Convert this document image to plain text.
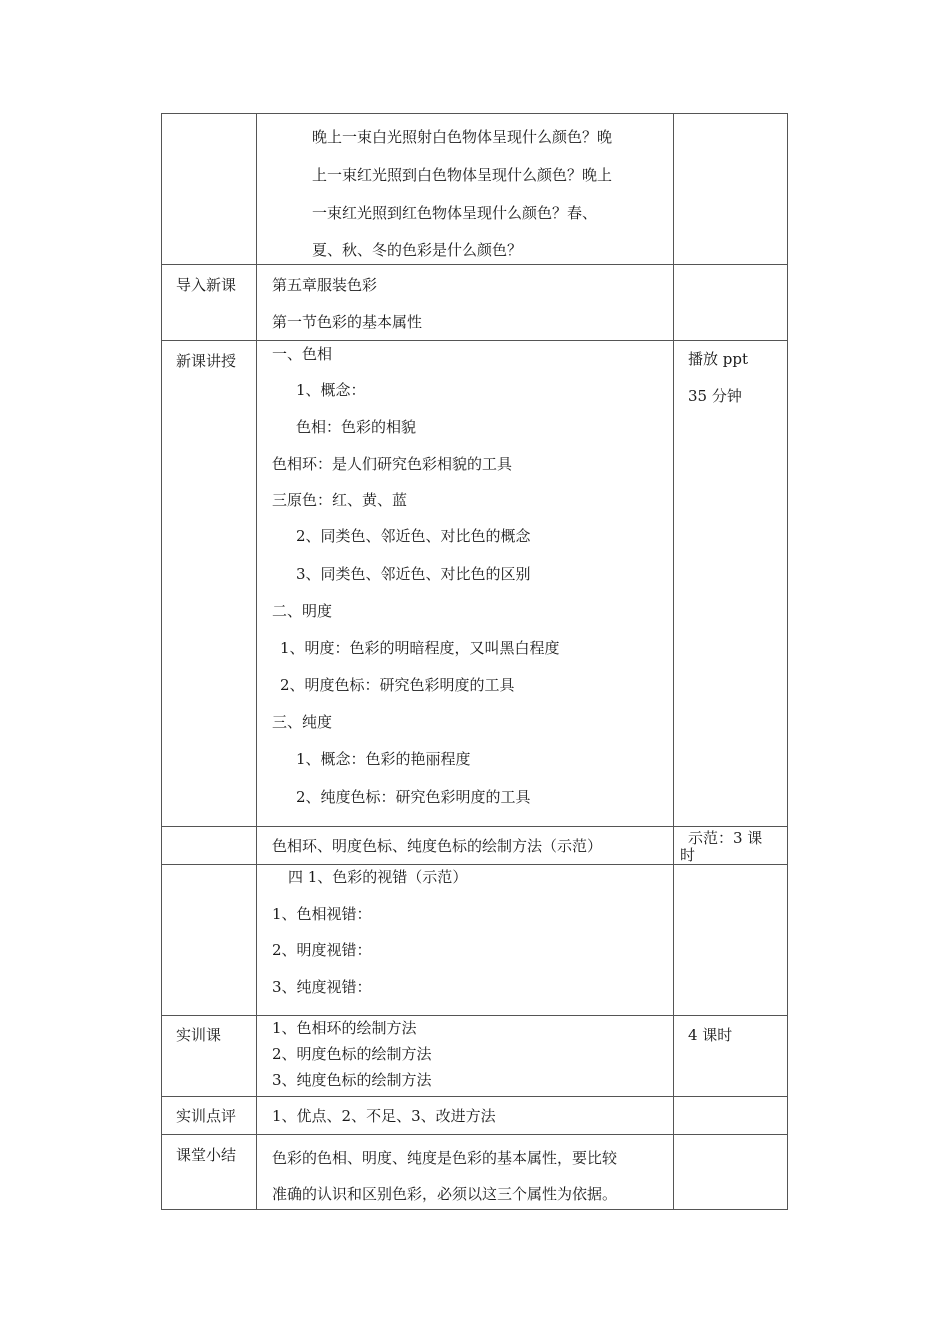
晚上一束白光照射白色物体呈现什么颜色？晚
上一束红光照到白色物体呈现什么颜色？晚上
一束红光照到红色物体呈现什么颜色？春、
夏、秋、冬的色彩是什么颜色？
导入新课 第五章服装色彩
第一节色彩的基本属性
新课讲授 一、色相
1、概念：
色相：色彩的相貌
色相环：是人们研究色彩相貌的工具
三原色：红、黄、蓝
2、同类色、邻近色、对比色的概念
3、同类色、邻近色、对比色的区别
二、明度
1、明度：色彩的明暗程度，又叫黑白程度
2、明度色标：研究色彩明度的工具
三、纯度
1、概念：色彩的艳丽程度
2、纯度色标：研究色彩明度的工具
播放 ppt
35 分钟
色相环、明度色标、纯度色标的绘制方法（示范）	示范：3 课
时
四 1、色彩的视错（示范）
1、色相视错：
2、明度视错：
3、纯度视错：
实训课	1、色相环的绘制方法
2、明度色标的绘制方法
3、纯度色标的绘制方法
4 课时
实训点评 1、优点、2、不足、3、改进方法
课堂小结 色彩的色相、明度、纯度是色彩的基本属性，要比较
准确的认识和区别色彩，必须以这三个属性为依据。
